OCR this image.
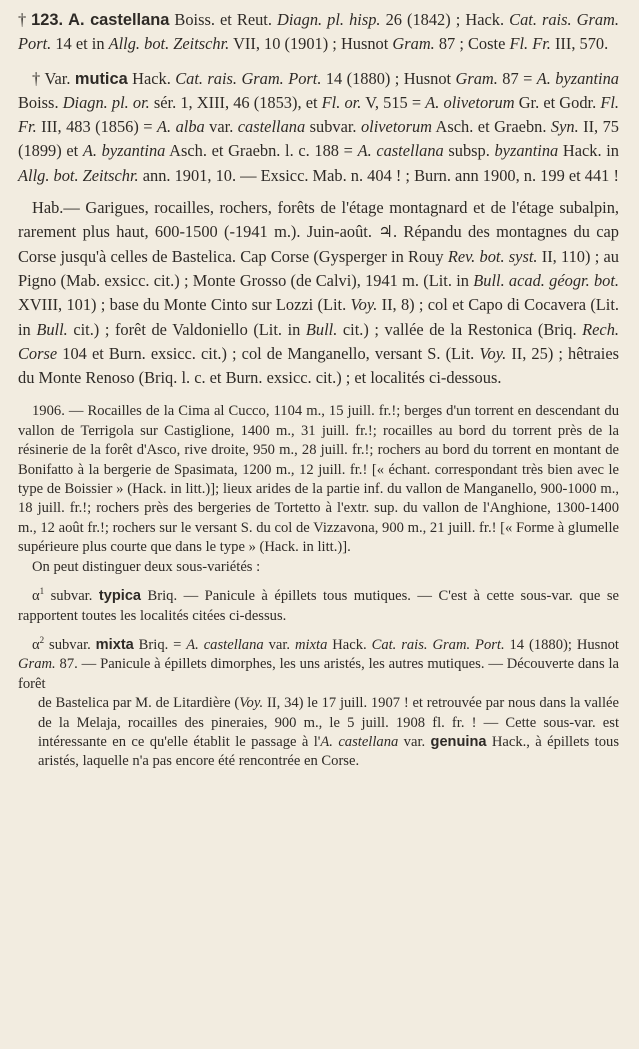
† 123. A. castellana Boiss. et Reut. Diagn. pl. hisp. 26 (1842) ; Hack. Cat. rais. Gram. Port. 14 et in Allg. bot. Zeitschr. VII, 10 (1901) ; Husnot Gram. 87 ; Coste Fl. Fr. III, 570.

† Var. mutica Hack. Cat. rais. Gram. Port. 14 (1880) ; Husnot Gram. 87 = A. byzantina Boiss. Diagn. pl. or. sér. 1, XIII, 46 (1853), et Fl. or. V, 515 = A. olivetorum Gr. et Godr. Fl. Fr. III, 483 (1856) = A. alba var. castellana subvar. olivetorum Asch. et Graebn. Syn. II, 75 (1899) et A. byzantina Asch. et Graebn. l. c. 188 = A. castellana subsp. byzantina Hack. in Allg. bot. Zeitschr. ann. 1901, 10. — Exsicc. Mab. n. 404 ! ; Burn. ann 1900, n. 199 et 441 !

Hab.— Garigues, rocailles, rochers, forêts de l'étage montagnard et de l'étage subalpin, rarement plus haut, 600-1500 (-1941 m.). Juin-août. ♃. Répandu des montagnes du cap Corse jusqu'à celles de Bastelica. Cap Corse (Gysperger in Rouy Rev. bot. syst. II, 110) ; au Pigno (Mab. exsicc. cit.) ; Monte Grosso (de Calvi), 1941 m. (Lit. in Bull. acad. géogr. bot. XVIII, 101) ; base du Monte Cinto sur Lozzi (Lit. Voy. II, 8) ; col et Capo di Cocavera (Lit. in Bull. cit.) ; forêt de Valdoniello (Lit. in Bull. cit.) ; vallée de la Restonica (Briq. Rech. Corse 104 et Burn. exsicc. cit.) ; col de Manganello, versant S. (Lit. Voy. II, 25) ; hêtraies du Monte Renoso (Briq. l. c. et Burn. exsicc. cit.) ; et localités ci-dessous.

1906. — Rocailles de la Cima al Cucco, 1104 m., 15 juill. fr.!; berges d'un torrent en descendant du vallon de Terrigola sur Castiglione, 1400 m., 31 juill. fr.!; rocailles au bord du torrent près de la résinerie de la forêt d'Asco, rive droite, 950 m., 28 juill. fr.!; rochers au bord du torrent en montant de Bonifatto à la bergerie de Spasimata, 1200 m., 12 juill. fr.! [« échant. correspondant très bien avec le type de Boissier » (Hack. in litt.)]; lieux arides de la partie inf. du vallon de Manganello, 900-1000 m., 18 juill. fr.!; rochers près des bergeries de Tortetto à l'extr. sup. du vallon de l'Anghione, 1300-1400 m., 12 août fr.!; rochers sur le versant S. du col de Vizzavona, 900 m., 21 juill. fr.! [« Forme à glumelle supérieure plus courte que dans le type » (Hack. in litt.)].

On peut distinguer deux sous-variétés :

$\alpha^1$ subvar. typica Briq. — Panicule à épillets tous mutiques. — C'est à cette sous-var. que se rapportent toutes les localités citées ci-dessus.

$\alpha^2$ subvar. mixta Briq. = A. castellana var. mixta Hack. Cat. rais. Gram. Port. 14 (1880); Husnot Gram. 87. — Panicule à épillets dimorphes, les uns aristés, les autres mutiques. — Découverte dans la forêt

de Bastelica par M. de Litardière (Voy. II, 34) le 17 juill. 1907 ! et retrouvée par nous dans la vallée de la Melaja, rocailles des pineraies, 900 m., le 5 juill. 1908 fl. fr. ! — Cette sous-var. est intéressante en ce qu'elle établit le passage à l'A. castellana var. genuina Hack., à épillets tous aristés, laquelle n'a pas encore été rencontrée en Corse.
